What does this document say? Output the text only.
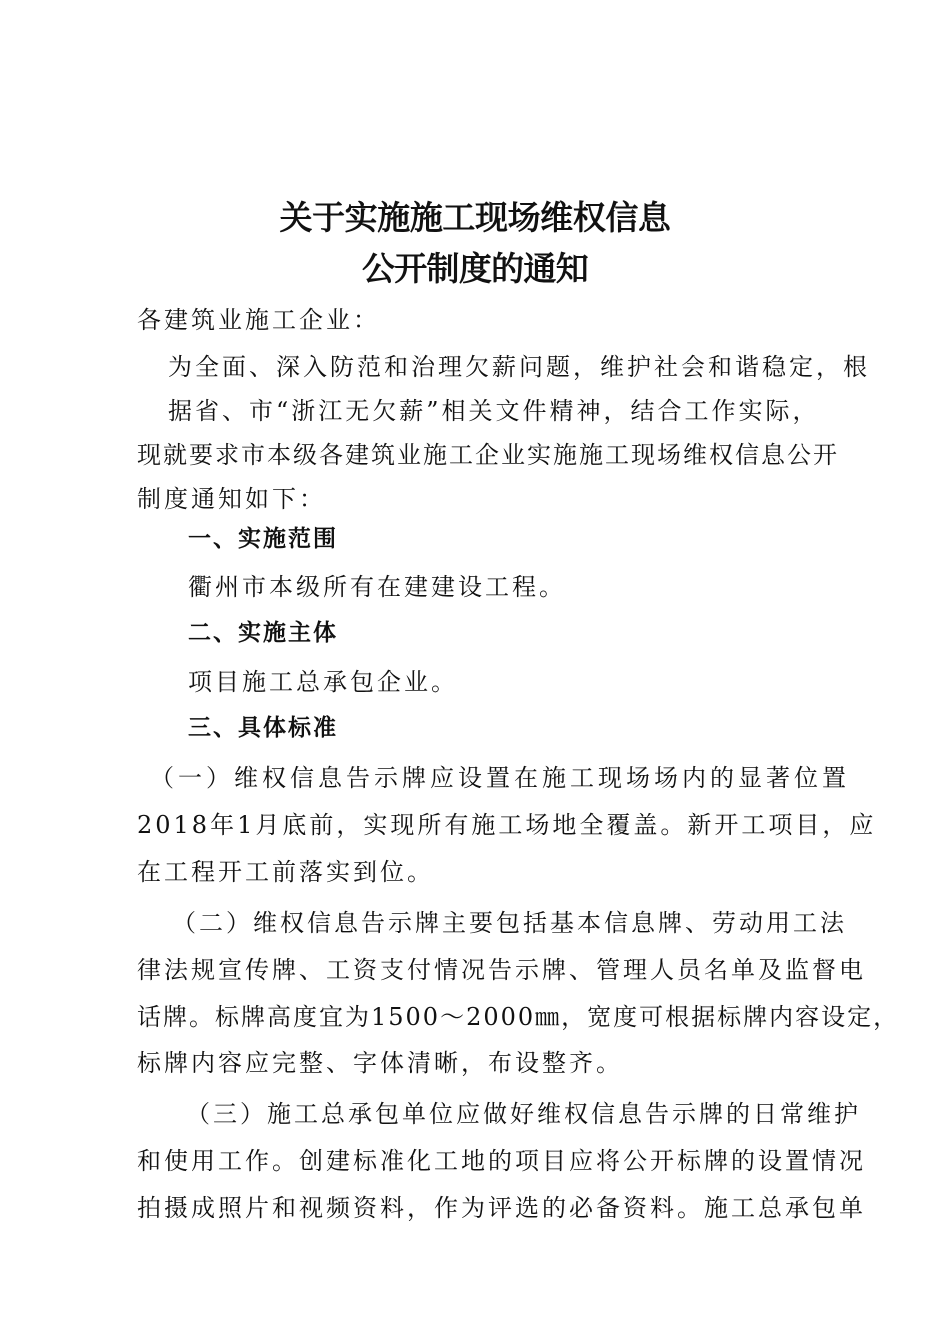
关于实施施工现场维权信息
公开制度的通知
各建筑业施工企业：
为全面、深入防范和治理欠薪问题，维护社会和谐稳定，根
据省、市“浙江无欠薪”相关文件精神，结合工作实际，
现就要求市本级各建筑业施工企业实施施工现场维权信息公开
制度通知如下：
一、实施范围
衢州市本级所有在建建设工程。
二、实施主体
项目施工总承包企业。
三、具体标准
（一）维权信息告示牌应设置在施工现场场内的显著位置
2018年1月底前，实现所有施工场地全覆盖。新开工项目，应
在工程开工前落实到位。
（二）维权信息告示牌主要包括基本信息牌、劳动用工法
律法规宣传牌、工资支付情况告示牌、管理人员名单及监督电
话牌。标牌高度宜为1500～2000㎜，宽度可根据标牌内容设定，
标牌内容应完整、字体清晰，布设整齐。
（三）施工总承包单位应做好维权信息告示牌的日常维护
和使用工作。创建标准化工地的项目应将公开标牌的设置情况
拍摄成照片和视频资料，作为评选的必备资料。施工总承包单
